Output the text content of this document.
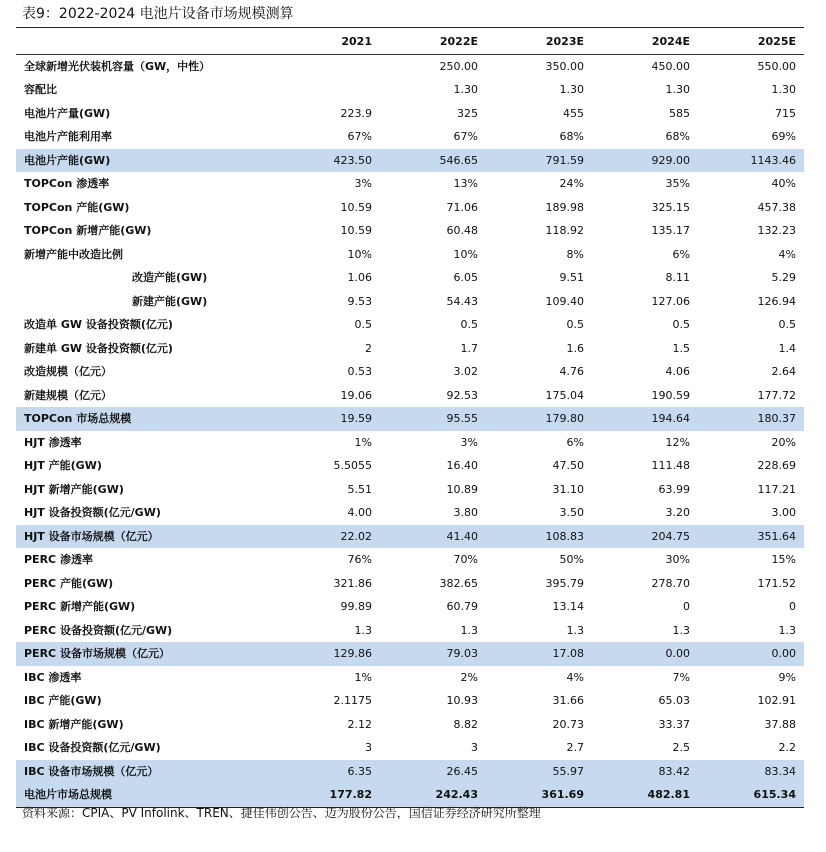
表9：2022-2024 电池片设备市场规模测算
	2021	2022E	2023E	2024E	2025E
全球新增光伏装机容量（GW，中性）		250.00	350.00	450.00	550.00
容配比		1.30	1.30	1.30	1.30
电池片产量(GW)	223.9	325	455	585	715
电池片产能利用率	67%	67%	68%	68%	69%
电池片产能(GW)	423.50	546.65	791.59	929.00	1143.46
TOPCon 渗透率	3%	13%	24%	35%	40%
TOPCon 产能(GW)	10.59	71.06	189.98	325.15	457.38
TOPCon 新增产能(GW)	10.59	60.48	118.92	135.17	132.23
新增产能中改造比例	10%	10%	8%	6%	4%
改造产能(GW)	1.06	6.05	9.51	8.11	5.29
新建产能(GW)	9.53	54.43	109.40	127.06	126.94
改造单 GW 设备投资额(亿元)	0.5	0.5	0.5	0.5	0.5
新建单 GW 设备投资额(亿元)	2	1.7	1.6	1.5	1.4
改造规模（亿元）	0.53	3.02	4.76	4.06	2.64
新建规模（亿元）	19.06	92.53	175.04	190.59	177.72
TOPCon 市场总规模	19.59	95.55	179.80	194.64	180.37
HJT 渗透率	1%	3%	6%	12%	20%
HJT 产能(GW)	5.5055	16.40	47.50	111.48	228.69
HJT 新增产能(GW)	5.51	10.89	31.10	63.99	117.21
HJT 设备投资额(亿元/GW)	4.00	3.80	3.50	3.20	3.00
HJT 设备市场规模（亿元）	22.02	41.40	108.83	204.75	351.64
PERC 渗透率	76%	70%	50%	30%	15%
PERC 产能(GW)	321.86	382.65	395.79	278.70	171.52
PERC 新增产能(GW)	99.89	60.79	13.14	0	0
PERC 设备投资额(亿元/GW)	1.3	1.3	1.3	1.3	1.3
PERC 设备市场规模（亿元）	129.86	79.03	17.08	0.00	0.00
IBC 渗透率	1%	2%	4%	7%	9%
IBC 产能(GW)	2.1175	10.93	31.66	65.03	102.91
IBC 新增产能(GW)	2.12	8.82	20.73	33.37	37.88
IBC 设备投资额(亿元/GW)	3	3	2.7	2.5	2.2
IBC 设备市场规模（亿元）	6.35	26.45	55.97	83.42	83.34
电池片市场总规模	177.82	242.43	361.69	482.81	615.34
资料来源：CPIA、PV Infolink、TREN、捷佳伟创公告、迈为股份公告，国信证券经济研究所整理
